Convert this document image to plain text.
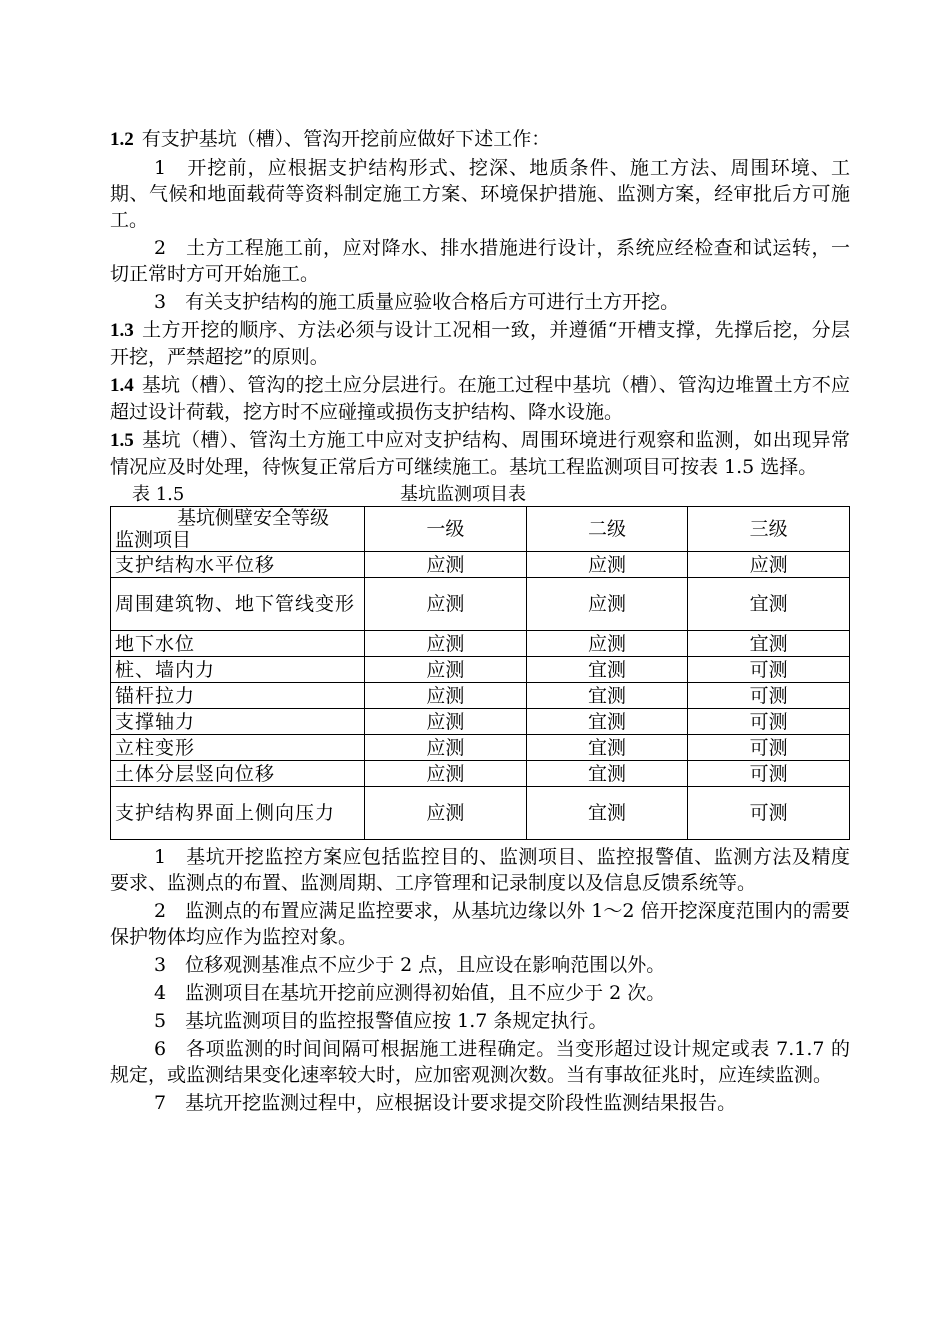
1.2 有支护基坑（槽）、管沟开挖前应做好下述工作：

1　开挖前，应根据支护结构形式、挖深、地质条件、施工方法、周围环境、工期、气候和地面载荷等资料制定施工方案、环境保护措施、监测方案，经审批后方可施工。

2　土方工程施工前，应对降水、排水措施进行设计，系统应经检查和试运转，一切正常时方可开始施工。

3　有关支护结构的施工质量应验收合格后方可进行土方开挖。

1.3 土方开挖的顺序、方法必须与设计工况相一致，并遵循“开槽支撑，先撑后挖，分层开挖，严禁超挖”的原则。

1.4 基坑（槽）、管沟的挖土应分层进行。在施工过程中基坑（槽）、管沟边堆置土方不应超过设计荷载，挖方时不应碰撞或损伤支护结构、降水设施。

1.5 基坑（槽）、管沟土方施工中应对支护结构、周围环境进行观察和监测，如出现异常情况应及时处理，待恢复正常后方可继续施工。基坑工程监测项目可按表 1.5 选择。

表 1.5	基坑监测项目表
基坑侧壁安全等级
监测项目	一级	二级	三级
支护结构水平位移	应测	应测	应测
周围建筑物、地下管线变形	应测	应测	宜测
地下水位	应测	应测	宜测
桩、墙内力	应测	宜测	可测
锚杆拉力	应测	宜测	可测
支撑轴力	应测	宜测	可测
立柱变形	应测	宜测	可测
土体分层竖向位移	应测	宜测	可测
支护结构界面上侧向压力	应测	宜测	可测

1　基坑开挖监控方案应包括监控目的、监测项目、监控报警值、监测方法及精度要求、监测点的布置、监测周期、工序管理和记录制度以及信息反馈系统等。

2　监测点的布置应满足监控要求，从基坑边缘以外 1～2 倍开挖深度范围内的需要保护物体均应作为监控对象。

3　位移观测基准点不应少于 2 点，且应设在影响范围以外。

4　监测项目在基坑开挖前应测得初始值，且不应少于 2 次。

5　基坑监测项目的监控报警值应按 1.7 条规定执行。

6　各项监测的时间间隔可根据施工进程确定。当变形超过设计规定或表 7.1.7 的规定，或监测结果变化速率较大时，应加密观测次数。当有事故征兆时，应连续监测。

7　基坑开挖监测过程中，应根据设计要求提交阶段性监测结果报告。
